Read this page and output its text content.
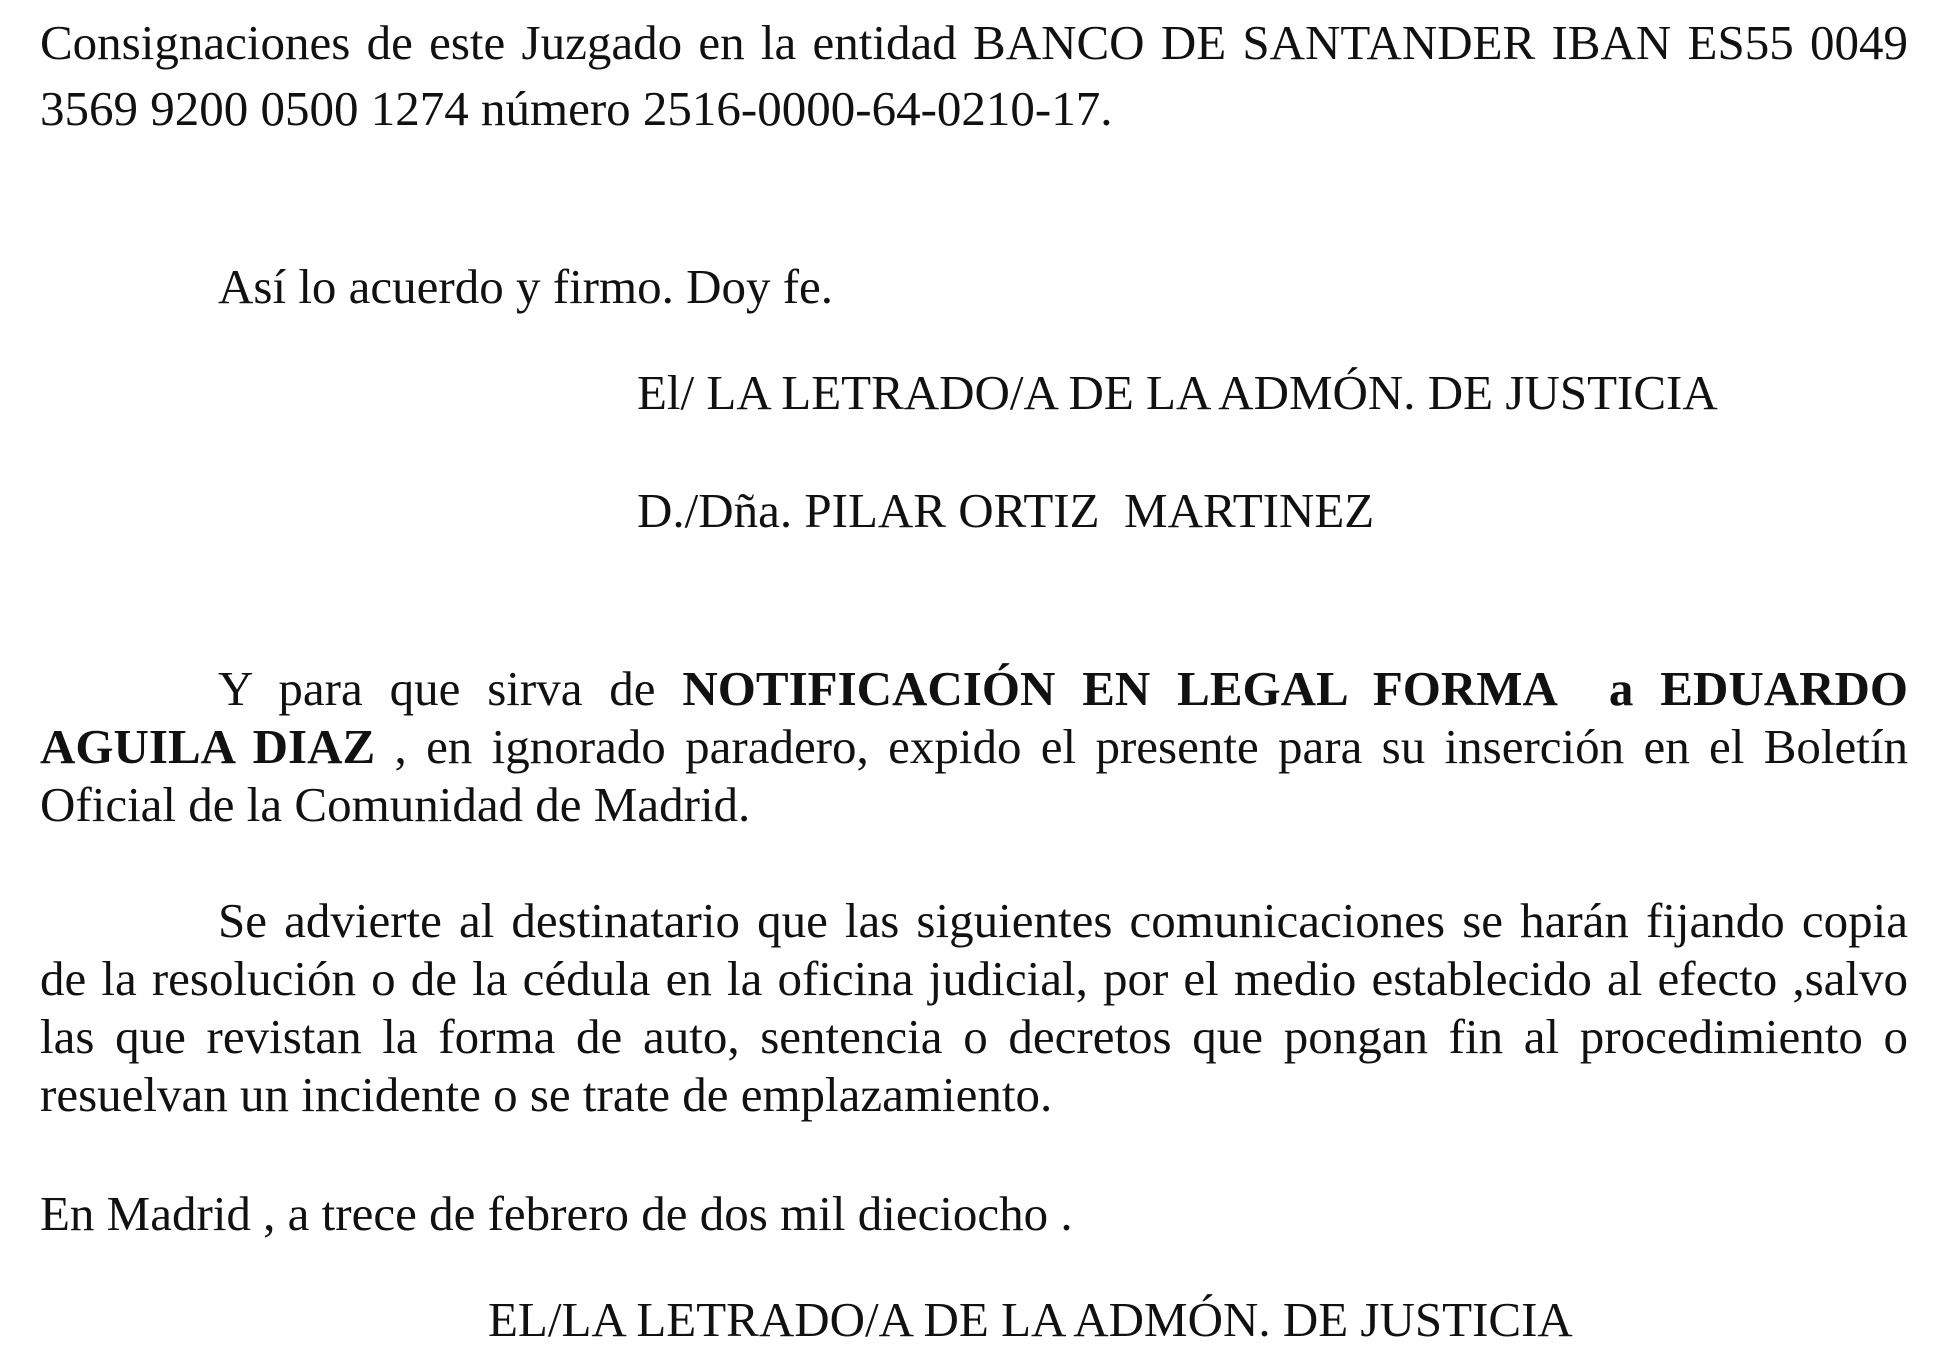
Consignaciones de este Juzgado en la entidad BANCO DE SANTANDER IBAN ES55 0049
3569 9200 0500 1274 número 2516-0000-64-0210-17.
Así lo acuerdo y firmo. Doy fe.
El/ LA LETRADO/A DE LA ADMÓN. DE JUSTICIA
D./Dña. PILAR ORTIZ  MARTINEZ
Y para que sirva de NOTIFICACIÓN EN LEGAL FORMA  a EDUARDO
AGUILA DIAZ , en ignorado paradero, expido el presente para su inserción en el Boletín
Oficial de la Comunidad de Madrid.
Se advierte al destinatario que las siguientes comunicaciones se harán fijando copia
de la resolución o de la cédula en la oficina judicial, por el medio establecido al efecto ,salvo
las que revistan la forma de auto, sentencia o decretos que pongan fin al procedimiento o
resuelvan un incidente o se trate de emplazamiento.
En Madrid , a trece de febrero de dos mil dieciocho .
EL/LA LETRADO/A DE LA ADMÓN. DE JUSTICIA
